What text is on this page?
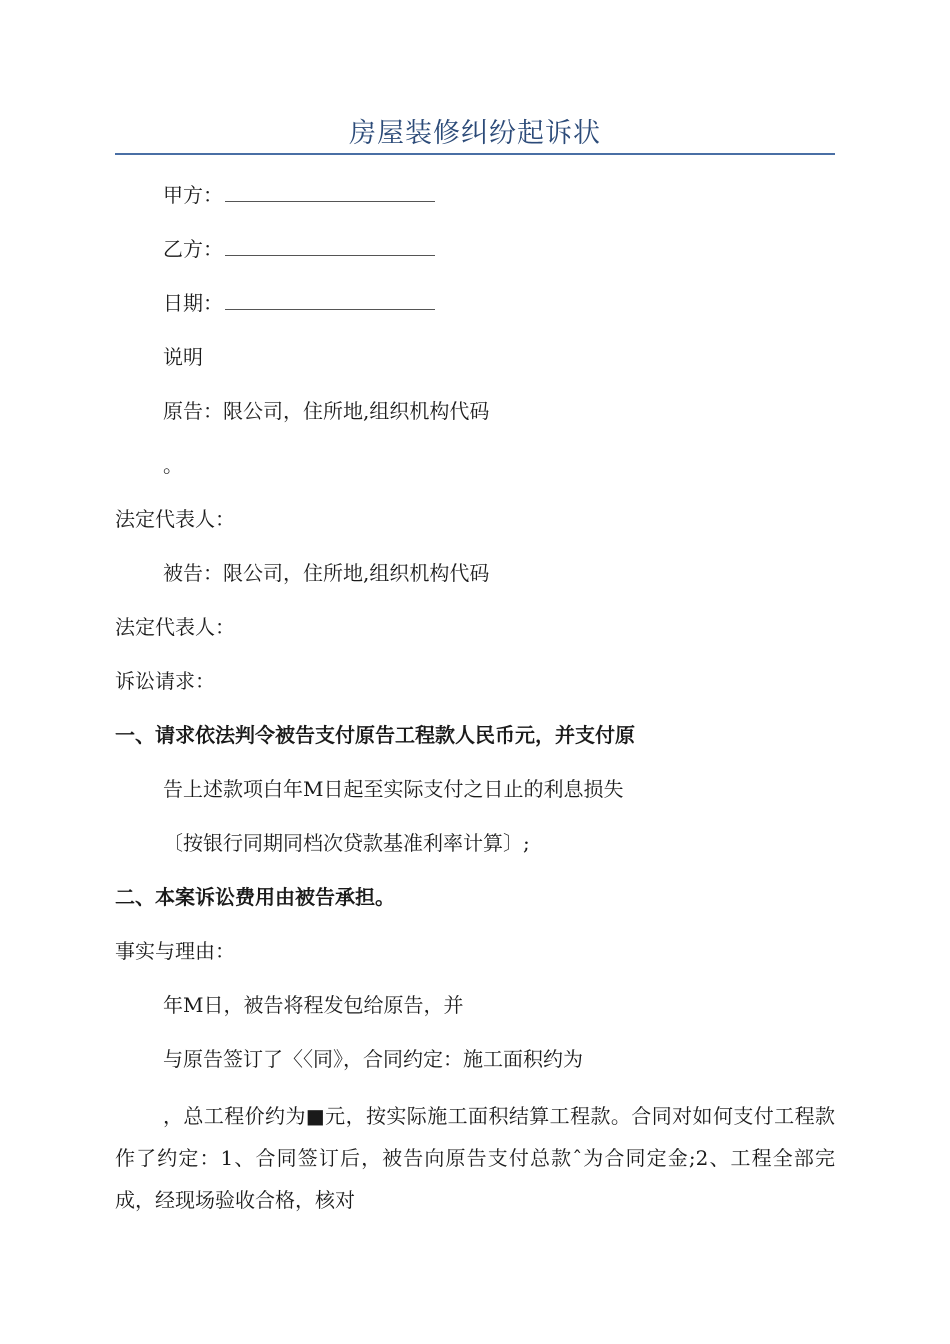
房屋装修纠纷起诉状
甲方：
乙方：
日期：
说明
原告：限公司，住所地,组织机构代码
。
法定代表人：
被告：限公司，住所地,组织机构代码
法定代表人：
诉讼请求：
一、请求依法判令被告支付原告工程款人民币元，并支付原
告上述款项白年M日起至实际支付之日止的利息损失
〔按银行同期同档次贷款基准利率计算〕;
二、本案诉讼费用由被告承担。
事实与理由：
年M日，被告将程发包给原告，并
与原告签订了〈〈同》，合同约定：施工面积约为
，总工程价约为■元，按实际施工面积结算工程款。合同对如何支付工程款作了约定：1、合同签订后，被告向原告支付总款ˆ为合同定金;2、工程全部完成，经现场验收合格，核对
